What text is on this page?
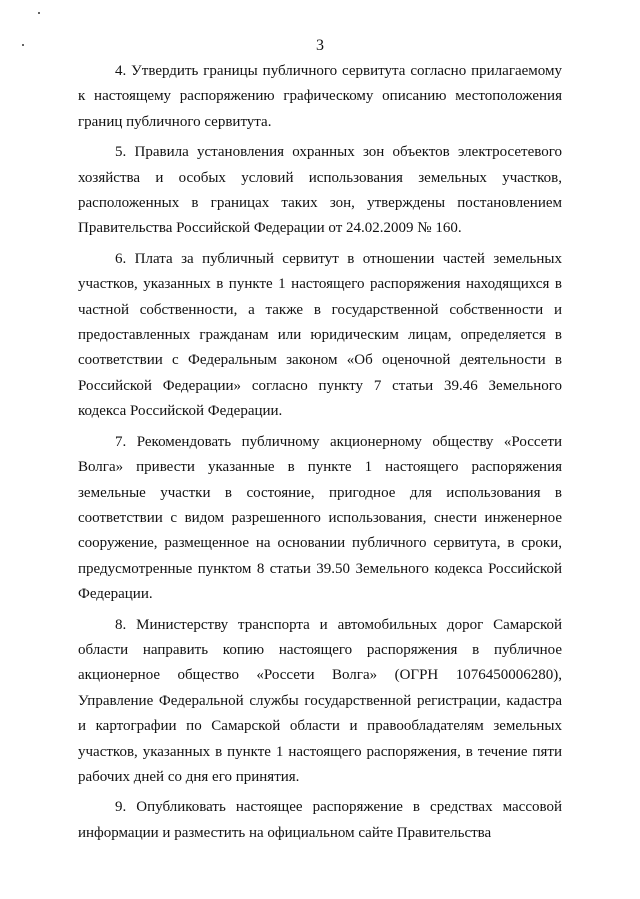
3

4. Утвердить границы публичного сервитута согласно прилагаемому к настоящему распоряжению графическому описанию местоположения границ публичного сервитута.

5. Правила установления охранных зон объектов электросетевого хозяйства и особых условий использования земельных участков, расположенных в границах таких зон, утверждены постановлением Правительства Российской Федерации от 24.02.2009 № 160.

6. Плата за публичный сервитут в отношении частей земельных участков, указанных в пункте 1 настоящего распоряжения находящихся в частной собственности, а также в государственной собственности и предоставленных гражданам или юридическим лицам, определяется в соответствии с Федеральным законом «Об оценочной деятельности в Российской Федерации» согласно пункту 7 статьи 39.46 Земельного кодекса Российской Федерации.

7. Рекомендовать публичному акционерному обществу «Россети Волга» привести указанные в пункте 1 настоящего распоряжения земельные участки в состояние, пригодное для использования в соответствии с видом разрешенного использования, снести инженерное сооружение, размещенное на основании публичного сервитута, в сроки, предусмотренные пунктом 8 статьи 39.50 Земельного кодекса Российской Федерации.

8. Министерству транспорта и автомобильных дорог Самарской области направить копию настоящего распоряжения в публичное акционерное общество «Россети Волга» (ОГРН 1076450006280), Управление Федеральной службы государственной регистрации, кадастра и картографии по Самарской области и правообладателям земельных участков, указанных в пункте 1 настоящего распоряжения, в течение пяти рабочих дней со дня его принятия.

9. Опубликовать настоящее распоряжение в средствах массовой информации и разместить на официальном сайте Правительства
